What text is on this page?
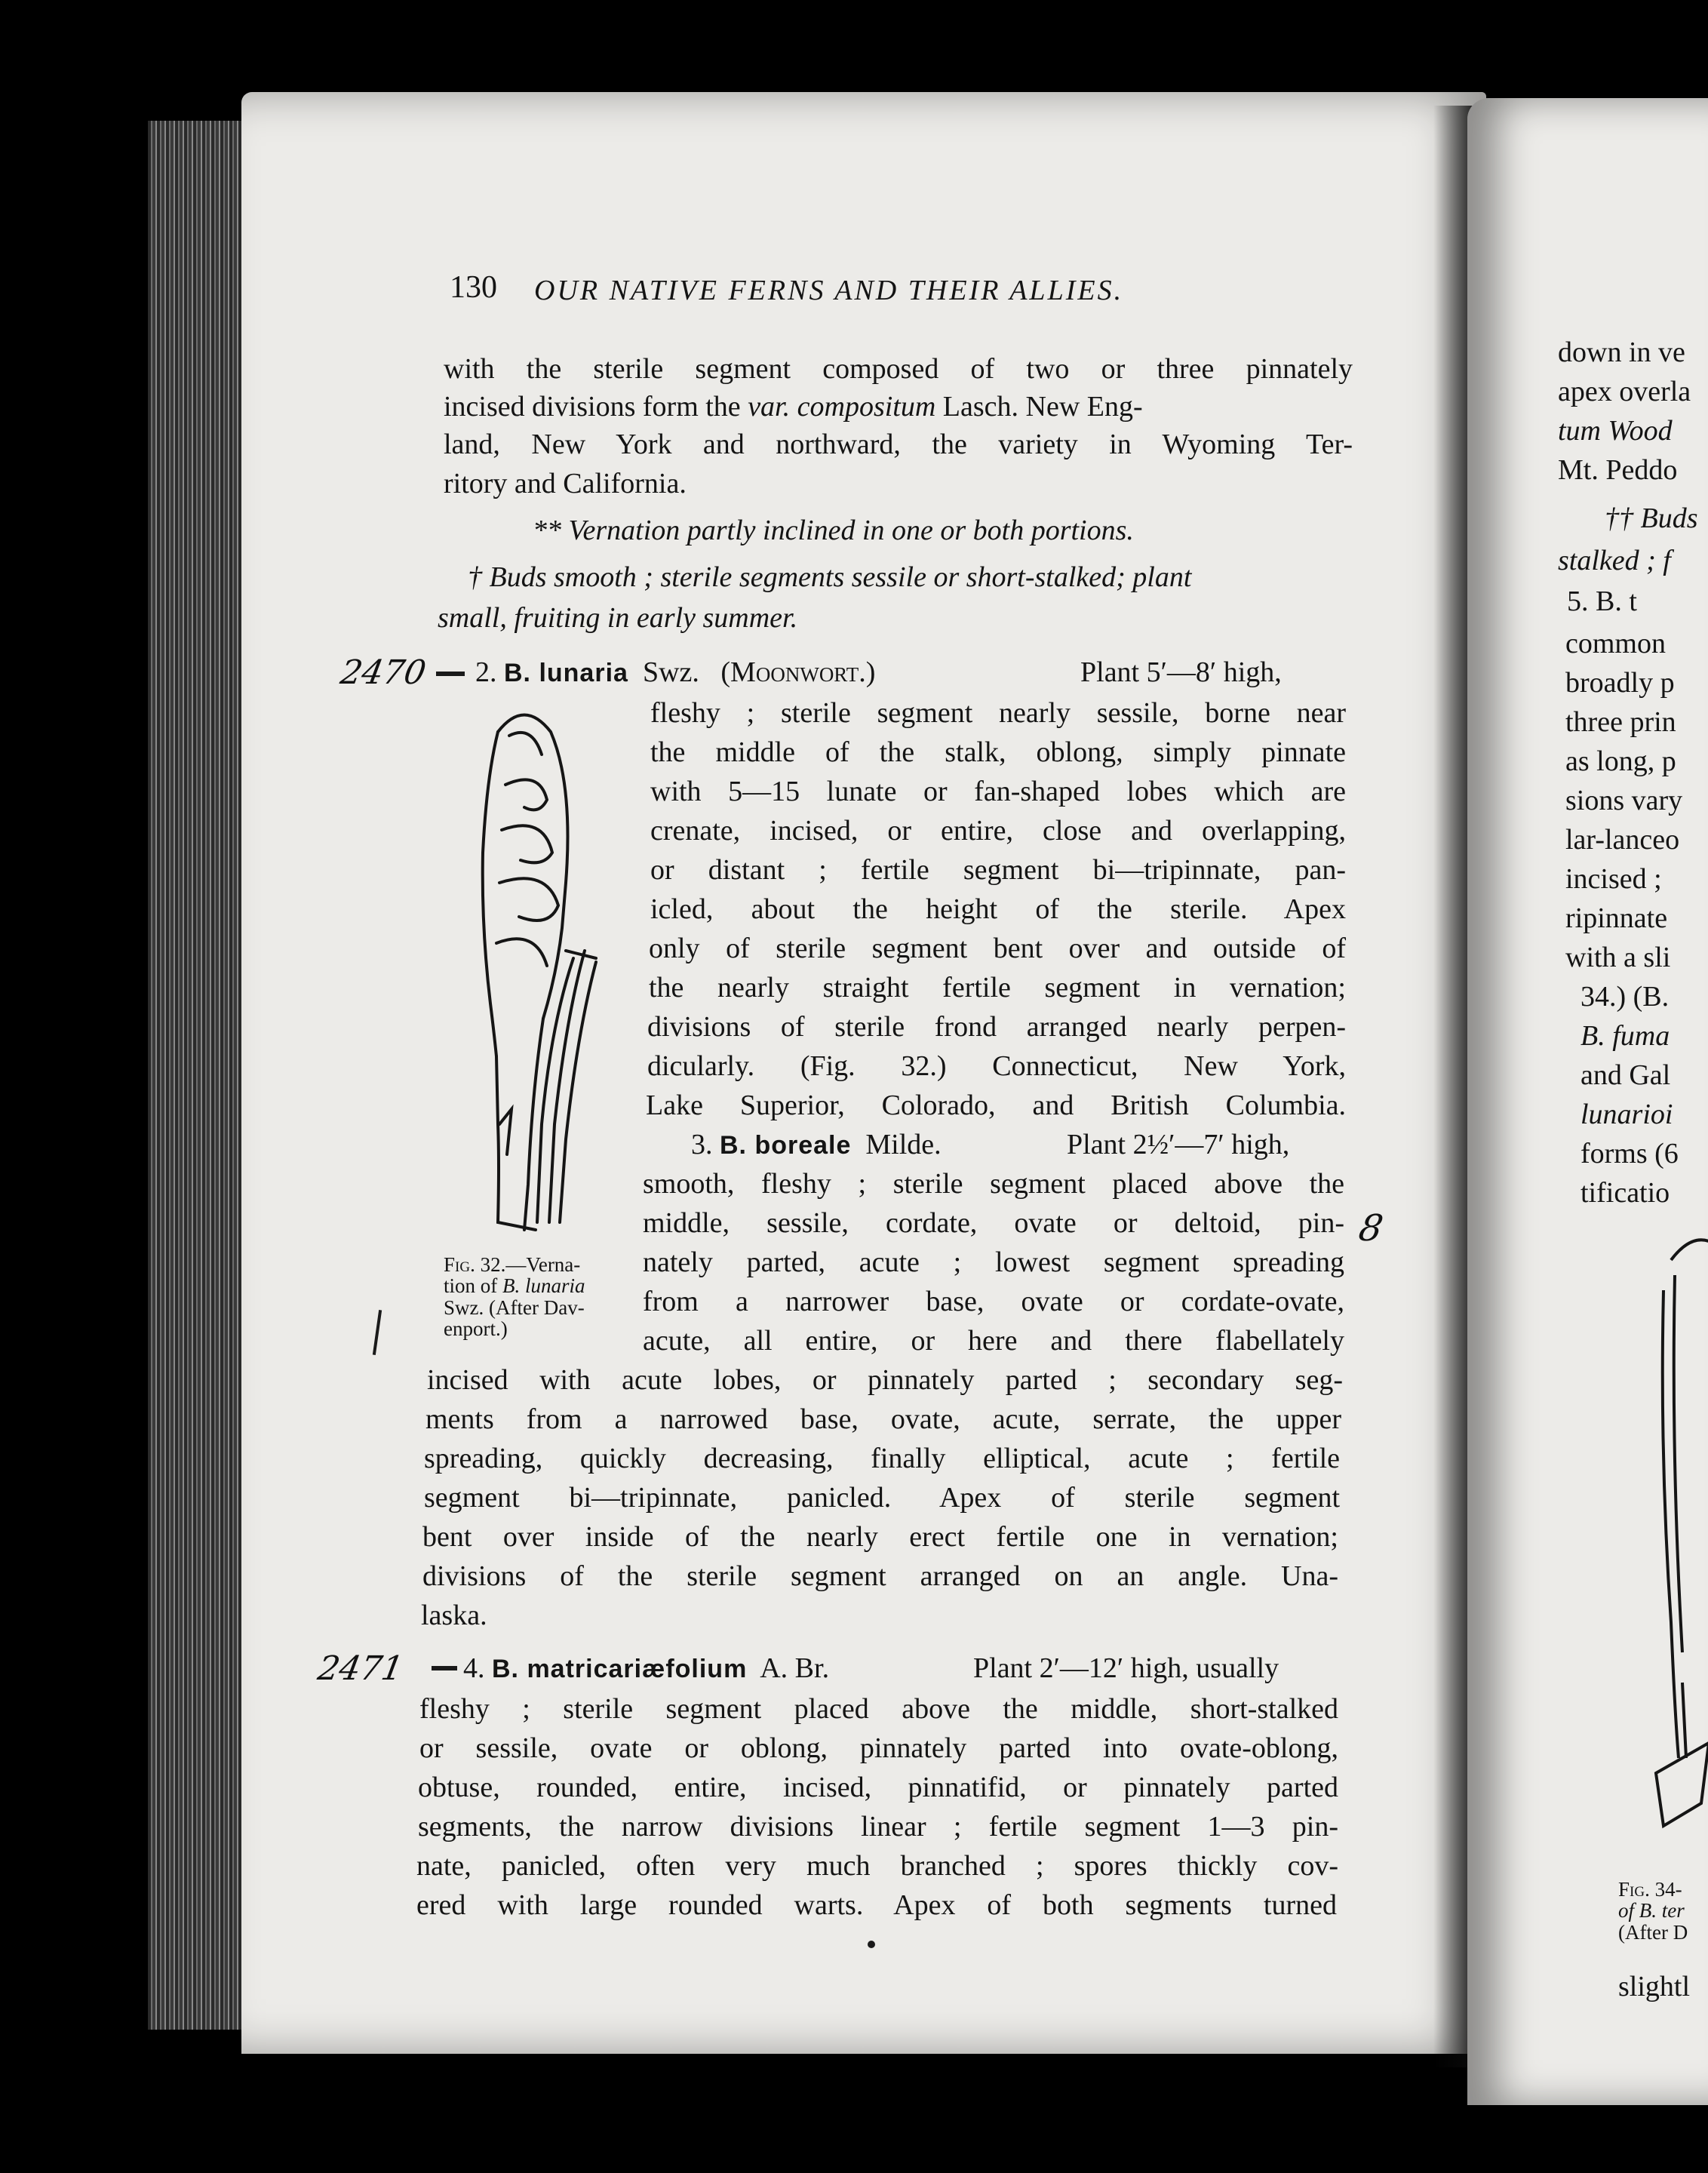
130 OUR NATIVE FERNS AND THEIR ALLIES.
with the sterile segment composed of two or three pinnately
incised divisions form the var. compositum Lasch. New Eng-
land, New York and northward, the variety in Wyoming Ter-
ritory and California.
** Vernation partly inclined in one or both portions.
† Buds smooth ; sterile segments sessile or short-stalked; plant
small, fruiting in early summer.
2470 2. B. lunaria Swz. (Moonwort.)	Plant 5′—8′ high,
fleshy ; sterile segment nearly sessile, borne near
the middle of the stalk, oblong, simply pinnate
with 5—15 lunate or fan-shaped lobes which are
crenate, incised, or entire, close and overlapping,
or distant ; fertile segment bi—tripinnate, pan-
icled, about the height of the sterile. Apex
only of sterile segment bent over and outside of
the nearly straight fertile segment in vernation;
divisions of sterile frond arranged nearly perpen-
dicularly. (Fig. 32.) Connecticut, New York,
Lake Superior, Colorado, and British Columbia.
Fig. 32.—Verna-
tion of B. lunaria
Swz. (After Dav-
enport.)
3. B. boreale Milde.	Plant 2½′—7′ high,
smooth, fleshy ; sterile segment placed above the
middle, sessile, cordate, ovate or deltoid, pin-
nately parted, acute ; lowest segment spreading
from a narrower base, ovate or cordate-ovate,
acute, all entire, or here and there flabellately
incised with acute lobes, or pinnately parted ; secondary seg-
ments from a narrowed base, ovate, acute, serrate, the upper
spreading, quickly decreasing, finally elliptical, acute ; fertile
segment bi—tripinnate, panicled. Apex of sterile segment
bent over inside of the nearly erect fertile one in vernation;
divisions of the sterile segment arranged on an angle. Una-
laska.
2471 4. B. matricariæfolium A. Br.	Plant 2′—12′ high, usually
fleshy ; sterile segment placed above the middle, short-stalked
or sessile, ovate or oblong, pinnately parted into ovate-oblong,
obtuse, rounded, entire, incised, pinnatifid, or pinnately parted
segments, the narrow divisions linear ; fertile segment 1—3 pin-
nate, panicled, often very much branched ; spores thickly cov-
ered with large rounded warts. Apex of both segments turned
8
down in ve
apex overla
tum Wood
Mt. Peddo
†† Buds
stalked ; f
5. B. t
common
broadly p
three prin
as long, p
sions vary
lar-lanceo
incised ;
ripinnate
with a sli
34.) (B.
B. fuma
and Gal
lunarioi
forms (6
tificatio
Fig. 34-
of B. ter
(After D
slightl
